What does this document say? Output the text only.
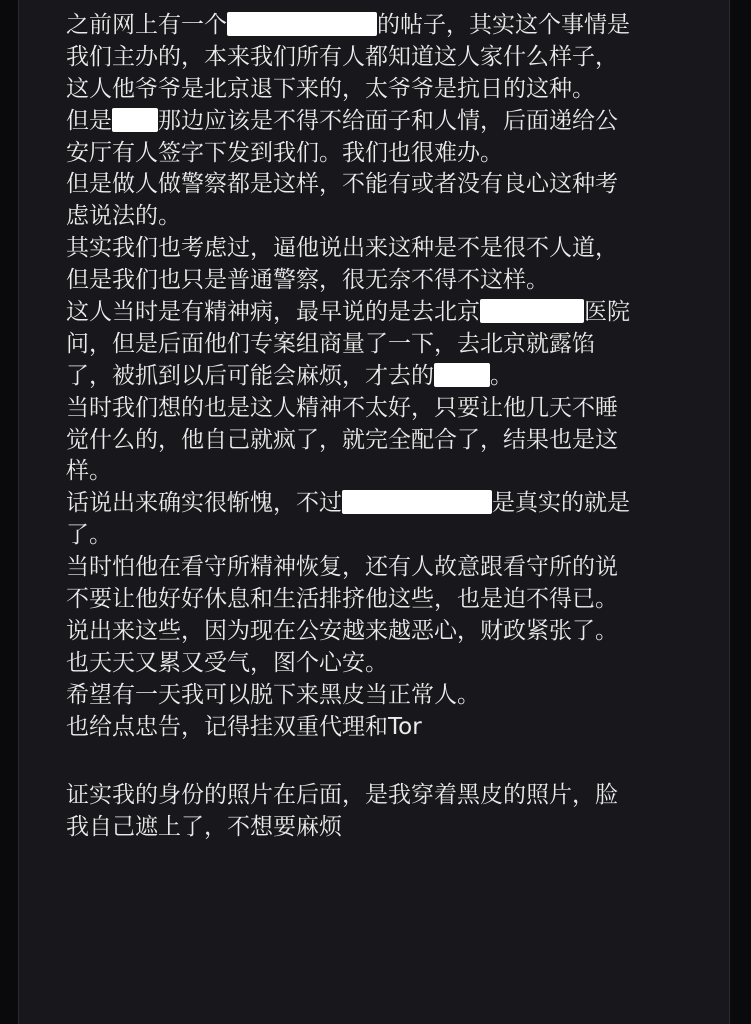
之前网上有一个	的帖子，其实这个事情是
我们主办的，本来我们所有人都知道这人家什么样子，
这人他爷爷是北京退下来的，太爷爷是抗日的这种。
但是 那边应该是不得不给面子和人情，后面递给公
安厅有人签字下发到我们。我们也很难办。
但是做人做警察都是这样，不能有或者没有良心这种考
虑说法的。
其实我们也考虑过，逼他说出来这种是不是很不人道，
但是我们也只是普通警察，很无奈不得不这样。
这人当时是有精神病，最早说的是去北京	医院
问，但是后面他们专案组商量了一下，去北京就露馅
了，被抓到以后可能会麻烦，才去的 。
当时我们想的也是这人精神不太好，只要让他几天不睡
觉什么的，他自己就疯了，就完全配合了，结果也是这
样。
话说出来确实很惭愧，不过	是真实的就是
了。
当时怕他在看守所精神恢复，还有人故意跟看守所的说
不要让他好好休息和生活排挤他这些，也是迫不得已。
说出来这些，因为现在公安越来越恶心，财政紧张了。
也天天又累又受气，图个心安。
希望有一天我可以脱下来黑皮当正常人。
也给点忠告，记得挂双重代理和Tor
证实我的身份的照片在后面，是我穿着黑皮的照片，脸
我自己遮上了，不想要麻烦
